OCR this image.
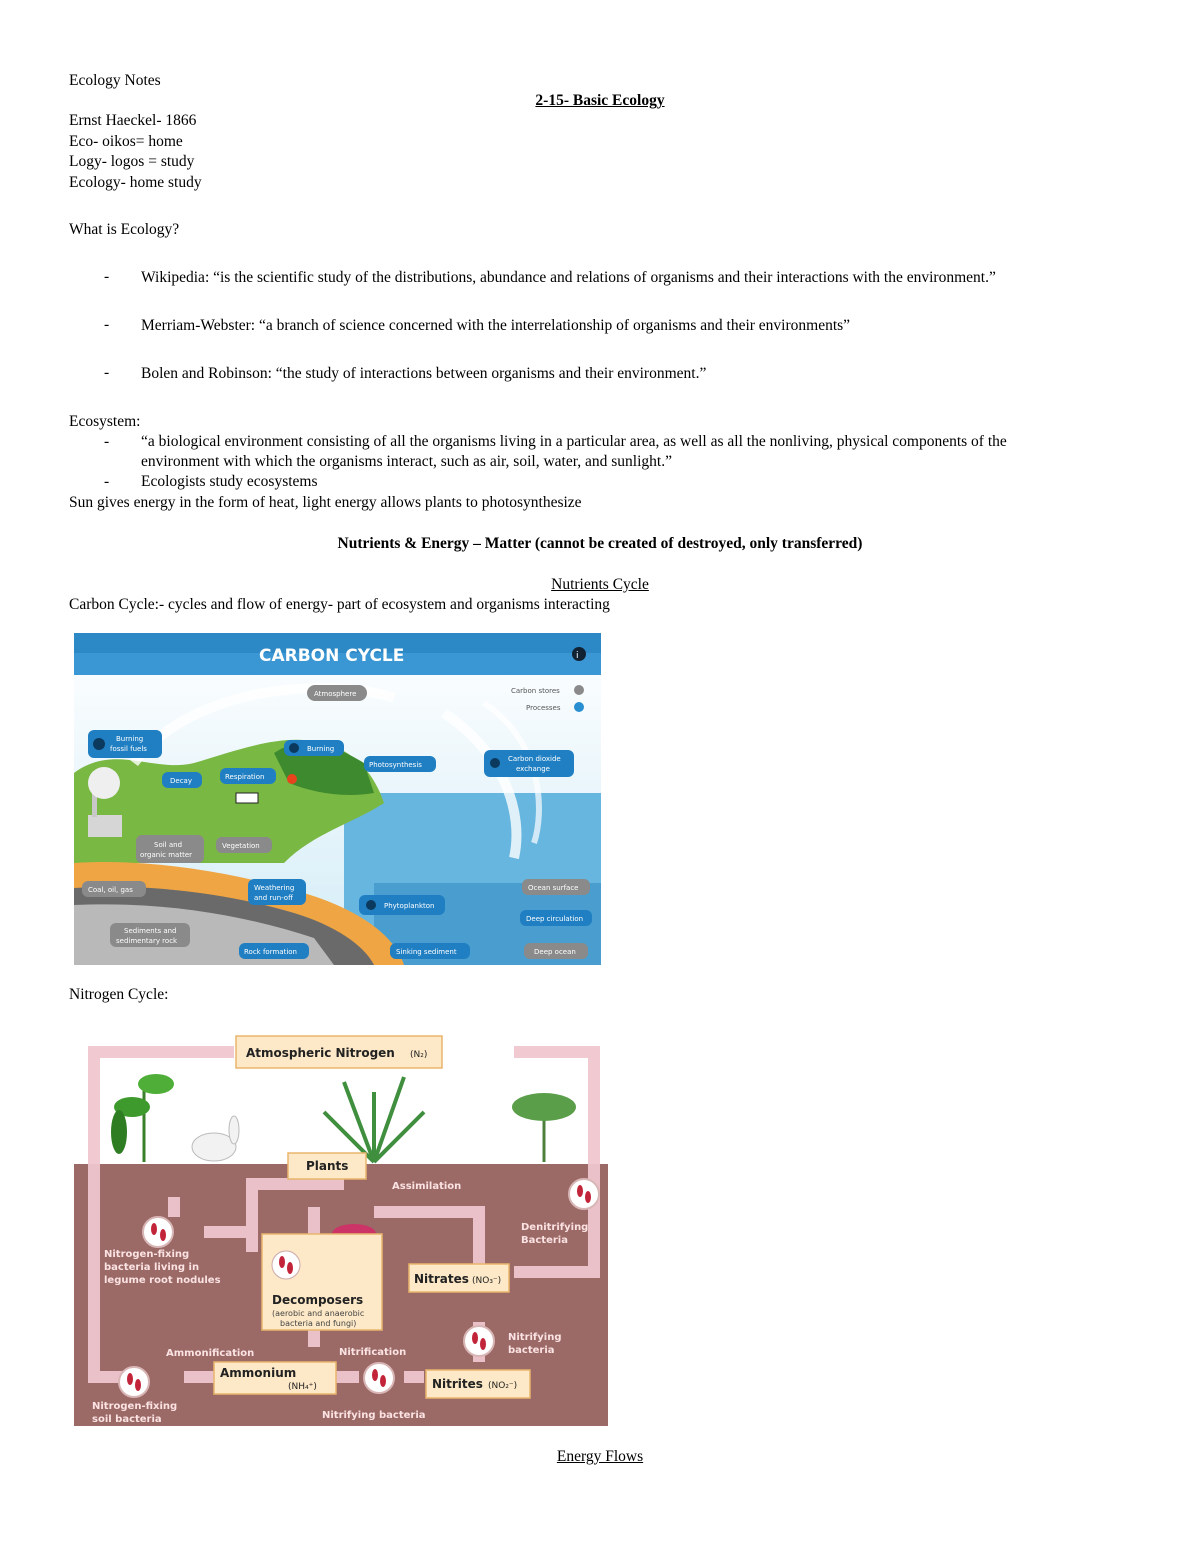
Ecology Notes
2-15- Basic Ecology
Ernst Haeckel- 1866
Eco- oikos= home
Logy- logos = study
Ecology- home study
What is Ecology?
- Wikipedia: “is the scientific study of the distributions, abundance and relations of organisms and their interactions with the environment.”
- Merriam-Webster: “a branch of science concerned with the interrelationship of organisms and their environments”
- Bolen and Robinson: “the study of interactions between organisms and their environment.”
Ecosystem:
- “a biological environment consisting of all the organisms living in a particular area, as well as all the nonliving, physical components of the
environment with which the organisms interact, such as air, soil, water, and sunlight.”
- Ecologists study ecosystems
Sun gives energy in the form of heat, light energy allows plants to photosynthesize
Nutrients & Energy – Matter (cannot be created of destroyed, only transferred)
Nutrients Cycle
Carbon Cycle:- cycles and flow of energy- part of ecosystem and organisms interacting
CARBON CYCLE	i
Carbon stores
Processes
Atmosphere
Burning
fossil fuels	Burning
Photosynthesis
Carbon dioxide
exchange
Decay	Respiration
Soil and
organic matter
Vegetation
Coal, oil, gas	Weathering
and run-off
Phytoplankton
Ocean surface
Deep circulation
Sediments and
sedimentary rock
Rock formation	Sinking sediment	Deep ocean
Nitrogen Cycle:
Atmospheric Nitrogen (N₂)
Plants
Assimilation
Denitrifying
Bacteria
Nitrogen-fixing
bacteria living in
legume root nodules
Decomposers
(aerobic and anaerobic
bacteria and fungi)
Nitrates (NO₃⁻)
Nitrifying
bacteria
Ammonification	Nitrification
Ammonium
(NH₄⁺)	Nitrites (NO₂⁻)
Nitrogen-fixing
soil bacteria	Nitrifying bacteria
Energy Flows
